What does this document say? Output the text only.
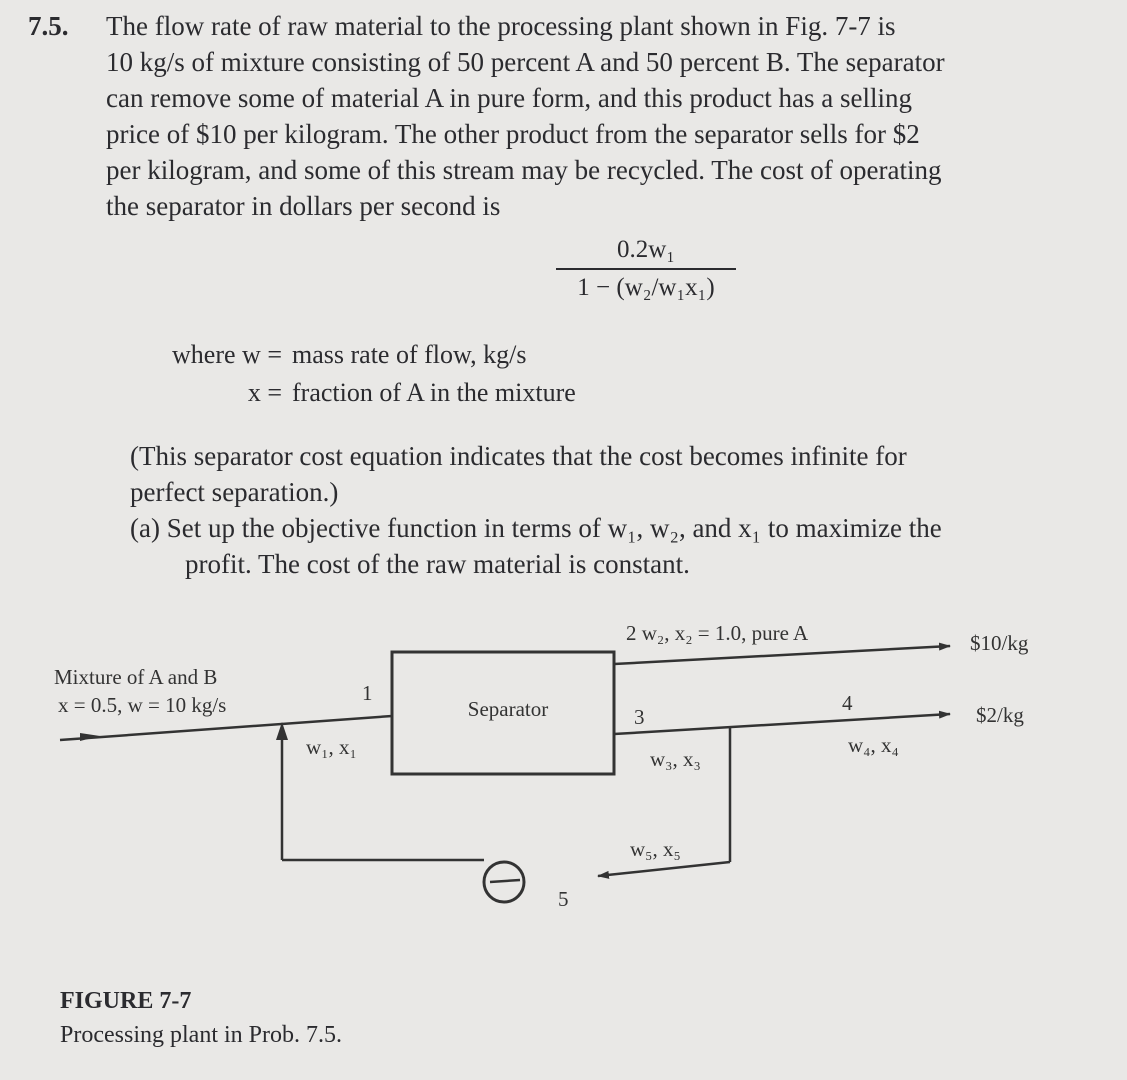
7.5. The flow rate of raw material to the processing plant shown in Fig. 7-7 is
10 kg/s of mixture consisting of 50 percent A and 50 percent B. The separator
can remove some of material A in pure form, and this product has a selling
price of $10 per kilogram. The other product from the separator sells for $2
per kilogram, and some of this stream may be recycled. The cost of operating
the separator in dollars per second is
0.2w₁
1 − (w₂/w₁x₁)
where w = mass rate of flow, kg/s
x = fraction of A in the mixture
(This separator cost equation indicates that the cost becomes infinite for
perfect separation.)
(a) Set up the objective function in terms of w₁, w₂, and x₁ to maximize the
profit. The cost of the raw material is constant.
Separator
Mixture of A and B
x = 0.5, w = 10 kg/s	1
w₁, x₁
2 w₂, x₂ = 1.0, pure A
3
w₃, x₃
4
w₄, x₄
w₅, x₅
5
$10/kg
$2/kg
FIGURE 7-7
Processing plant in Prob. 7.5.
